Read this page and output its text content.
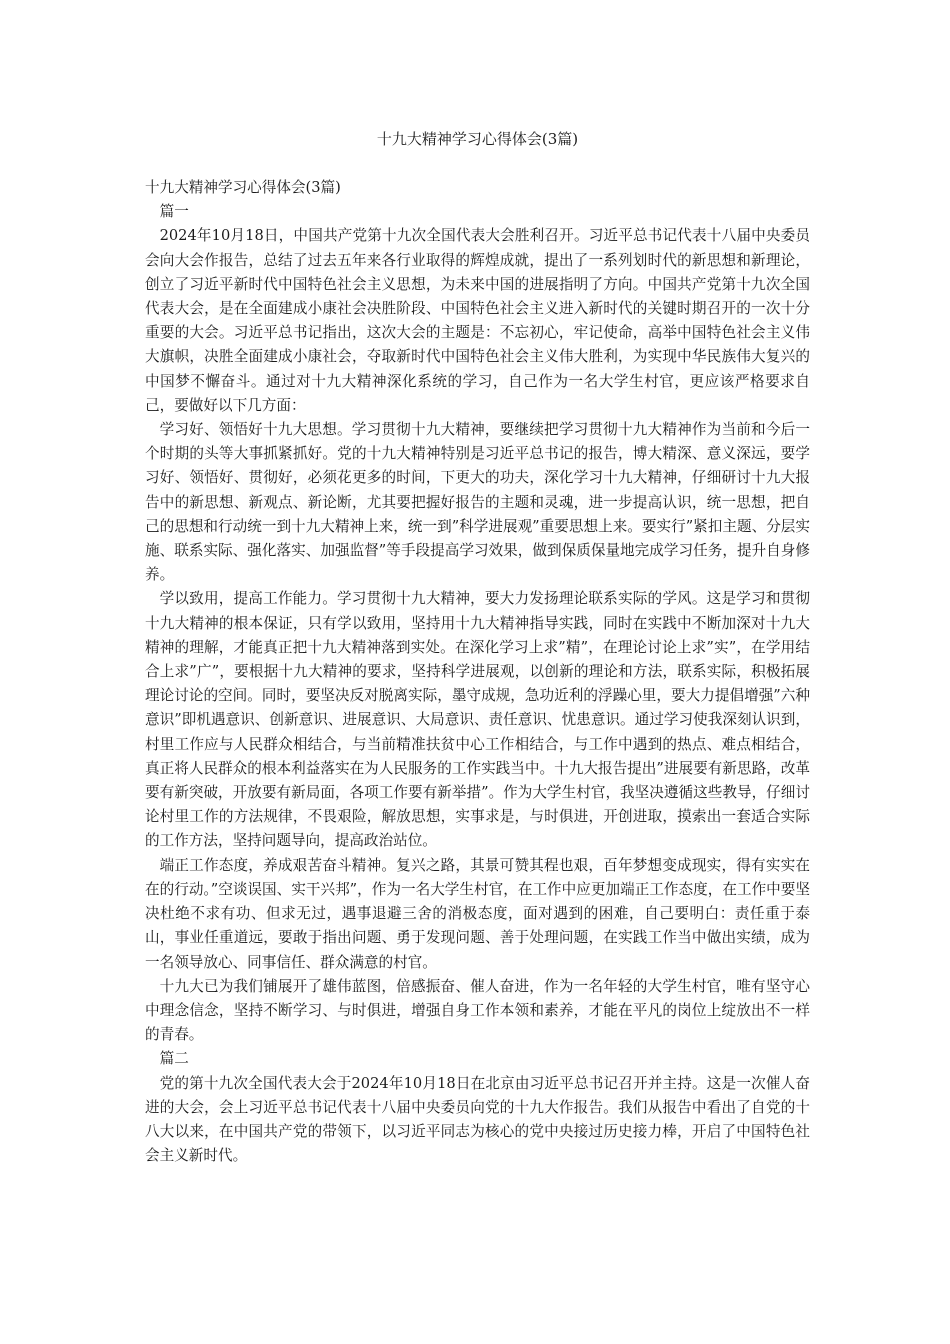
十九大精神学习心得体会(3篇)

十九大精神学习心得体会(3篇)

篇一

2024年10月18日，中国共产党第十九次全国代表大会胜利召开。习近平总书记代表十八届中央委员会向大会作报告，总结了过去五年来各行业取得的辉煌成就，提出了一系列划时代的新思想和新理论，创立了习近平新时代中国特色社会主义思想，为未来中国的进展指明了方向。中国共产党第十九次全国代表大会，是在全面建成小康社会决胜阶段、中国特色社会主义进入新时代的关键时期召开的一次十分重要的大会。习近平总书记指出，这次大会的主题是：不忘初心，牢记使命，高举中国特色社会主义伟大旗帜，决胜全面建成小康社会，夺取新时代中国特色社会主义伟大胜利，为实现中华民族伟大复兴的中国梦不懈奋斗。通过对十九大精神深化系统的学习，自己作为一名大学生村官，更应该严格要求自己，要做好以下几方面：

学习好、领悟好十九大思想。学习贯彻十九大精神，要继续把学习贯彻十九大精神作为当前和今后一个时期的头等大事抓紧抓好。党的十九大精神特别是习近平总书记的报告，博大精深、意义深远，要学习好、领悟好、贯彻好，必须花更多的时间，下更大的功夫，深化学习十九大精神，仔细研讨十九大报告中的新思想、新观点、新论断，尤其要把握好报告的主题和灵魂，进一步提高认识，统一思想，把自己的思想和行动统一到十九大精神上来，统一到”科学进展观”重要思想上来。要实行”紧扣主题、分层实施、联系实际、强化落实、加强监督”等手段提高学习效果，做到保质保量地完成学习任务，提升自身修养。

学以致用，提高工作能力。学习贯彻十九大精神，要大力发扬理论联系实际的学风。这是学习和贯彻十九大精神的根本保证，只有学以致用，坚持用十九大精神指导实践，同时在实践中不断加深对十九大精神的理解，才能真正把十九大精神落到实处。在深化学习上求”精”，在理论讨论上求”实”，在学用结合上求”广”，要根据十九大精神的要求，坚持科学进展观，以创新的理论和方法，联系实际，积极拓展理论讨论的空间。同时，要坚决反对脱离实际，墨守成规，急功近利的浮躁心里，要大力提倡增强”六种意识”即机遇意识、创新意识、进展意识、大局意识、责任意识、忧患意识。通过学习使我深刻认识到，村里工作应与人民群众相结合，与当前精准扶贫中心工作相结合，与工作中遇到的热点、难点相结合，真正将人民群众的根本利益落实在为人民服务的工作实践当中。十九大报告提出”进展要有新思路，改革要有新突破，开放要有新局面，各项工作要有新举措”。作为大学生村官，我坚决遵循这些教导，仔细讨论村里工作的方法规律，不畏艰险，解放思想，实事求是，与时俱进，开创进取，摸索出一套适合实际的工作方法，坚持问题导向，提高政治站位。

端正工作态度，养成艰苦奋斗精神。复兴之路，其景可赞其程也艰，百年梦想变成现实，得有实实在在的行动。”空谈误国、实干兴邦”，作为一名大学生村官，在工作中应更加端正工作态度，在工作中要坚决杜绝不求有功、但求无过，遇事退避三舍的消极态度，面对遇到的困难，自己要明白：责任重于泰山，事业任重道远，要敢于指出问题、勇于发现问题、善于处理问题，在实践工作当中做出实绩，成为一名领导放心、同事信任、群众满意的村官。

十九大已为我们铺展开了雄伟蓝图，倍感振奋、催人奋进，作为一名年轻的大学生村官，唯有坚守心中理念信念，坚持不断学习、与时俱进，增强自身工作本领和素养，才能在平凡的岗位上绽放出不一样的青春。

篇二

党的第十九次全国代表大会于2024年10月18日在北京由习近平总书记召开并主持。这是一次催人奋进的大会，会上习近平总书记代表十八届中央委员向党的十九大作报告。我们从报告中看出了自党的十八大以来，在中国共产党的带领下，以习近平同志为核心的党中央接过历史接力棒，开启了中国特色社会主义新时代。
